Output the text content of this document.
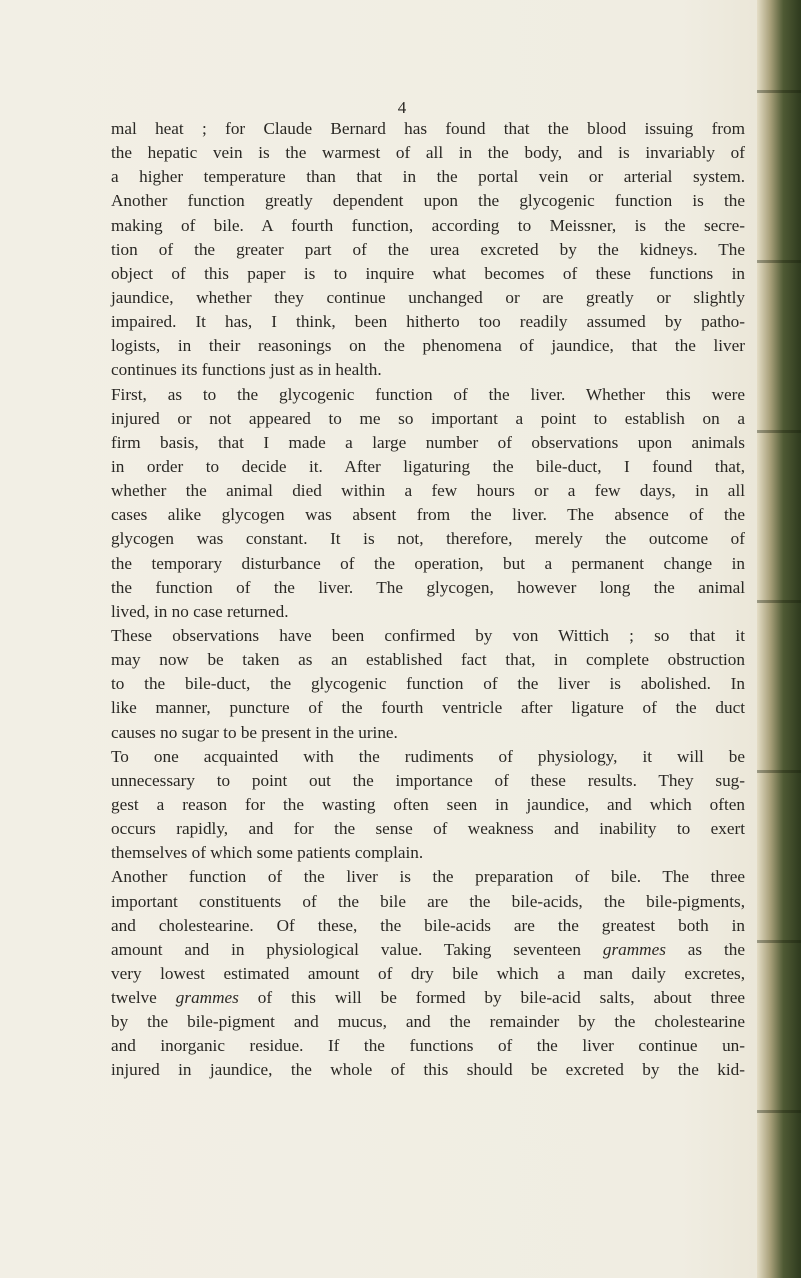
4
mal heat ; for Claude Bernard has found that the blood issuing from
the hepatic vein is the warmest of all in the body, and is invariably of
a higher temperature than that in the portal vein or arterial system.
Another function greatly dependent upon the glycogenic function is the
making of bile. A fourth function, according to Meissner, is the secre-
tion of the greater part of the urea excreted by the kidneys. The
object of this paper is to inquire what becomes of these functions in
jaundice, whether they continue unchanged or are greatly or slightly
impaired. It has, I think, been hitherto too readily assumed by patho-
logists, in their reasonings on the phenomena of jaundice, that the liver
continues its functions just as in health.
First, as to the glycogenic function of the liver. Whether this were
injured or not appeared to me so important a point to establish on a
firm basis, that I made a large number of observations upon animals
in order to decide it. After ligaturing the bile-duct, I found that,
whether the animal died within a few hours or a few days, in all
cases alike glycogen was absent from the liver. The absence of the
glycogen was constant. It is not, therefore, merely the outcome of
the temporary disturbance of the operation, but a permanent change in
the function of the liver. The glycogen, however long the animal
lived, in no case returned.
These observations have been confirmed by von Wittich ; so that it
may now be taken as an established fact that, in complete obstruction
to the bile-duct, the glycogenic function of the liver is abolished. In
like manner, puncture of the fourth ventricle after ligature of the duct
causes no sugar to be present in the urine.
To one acquainted with the rudiments of physiology, it will be
unnecessary to point out the importance of these results. They sug-
gest a reason for the wasting often seen in jaundice, and which often
occurs rapidly, and for the sense of weakness and inability to exert
themselves of which some patients complain.
Another function of the liver is the preparation of bile. The three
important constituents of the bile are the bile-acids, the bile-pigments,
and cholestearine. Of these, the bile-acids are the greatest both in
amount and in physiological value. Taking seventeen grammes as the
very lowest estimated amount of dry bile which a man daily excretes,
twelve grammes of this will be formed by bile-acid salts, about three
by the bile-pigment and mucus, and the remainder by the cholestearine
and inorganic residue. If the functions of the liver continue un-
injured in jaundice, the whole of this should be excreted by the kid-
